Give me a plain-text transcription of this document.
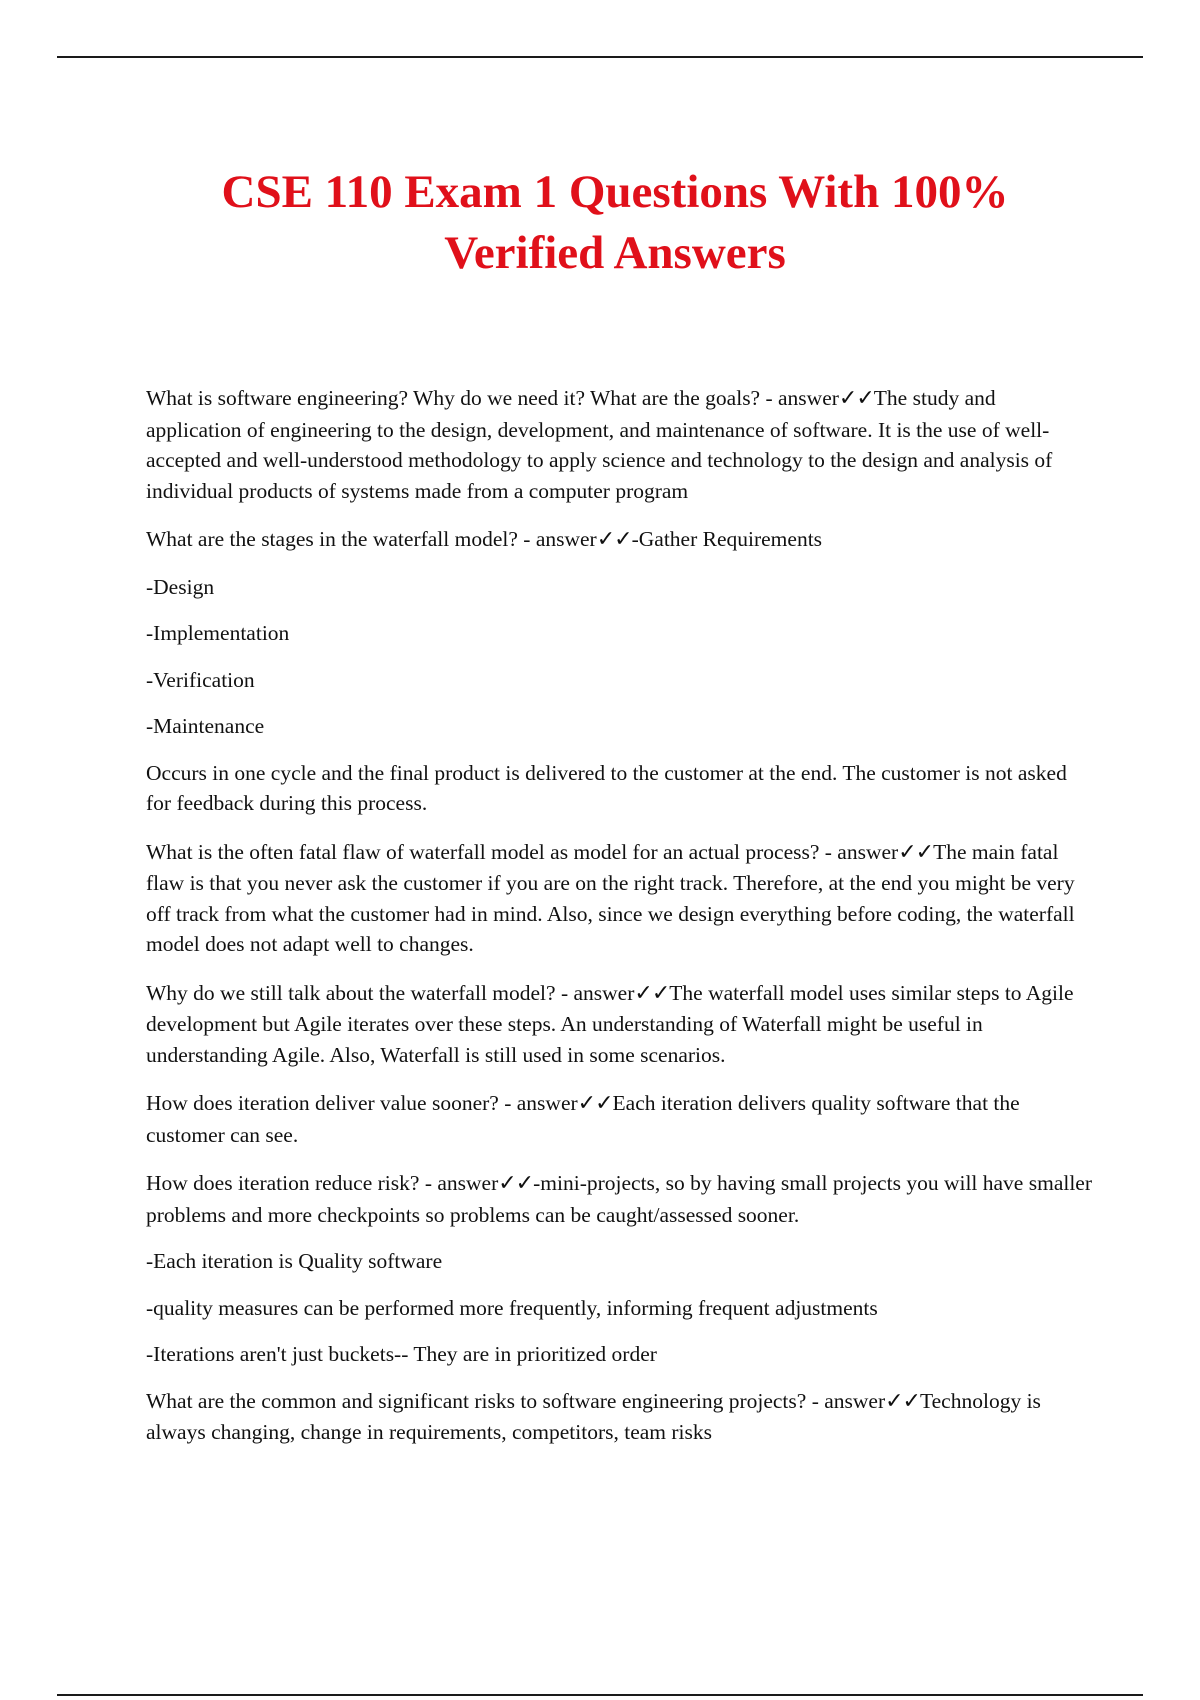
CSE 110 Exam 1 Questions With 100%
Verified Answers

What is software engineering? Why do we need it? What are the goals? - answer✓✓The study and application of engineering to the design, development, and maintenance of software. It is the use of well-accepted and well-understood methodology to apply science and technology to the design and analysis of individual products of systems made from a computer program

What are the stages in the waterfall model? - answer✓✓-Gather Requirements

-Design

-Implementation

-Verification

-Maintenance

Occurs in one cycle and the final product is delivered to the customer at the end. The customer is not asked for feedback during this process.

What is the often fatal flaw of waterfall model as model for an actual process? - answer✓✓The main fatal flaw is that you never ask the customer if you are on the right track. Therefore, at the end you might be very off track from what the customer had in mind. Also, since we design everything before coding, the waterfall model does not adapt well to changes.

Why do we still talk about the waterfall model? - answer✓✓The waterfall model uses similar steps to Agile development but Agile iterates over these steps. An understanding of Waterfall might be useful in understanding Agile. Also, Waterfall is still used in some scenarios.

How does iteration deliver value sooner? - answer✓✓Each iteration delivers quality software that the customer can see.

How does iteration reduce risk? - answer✓✓-mini-projects, so by having small projects you will have smaller problems and more checkpoints so problems can be caught/assessed sooner.

-Each iteration is Quality software

-quality measures can be performed more frequently, informing frequent adjustments

-Iterations aren't just buckets-- They are in prioritized order

What are the common and significant risks to software engineering projects? - answer✓✓Technology is always changing, change in requirements, competitors, team risks
